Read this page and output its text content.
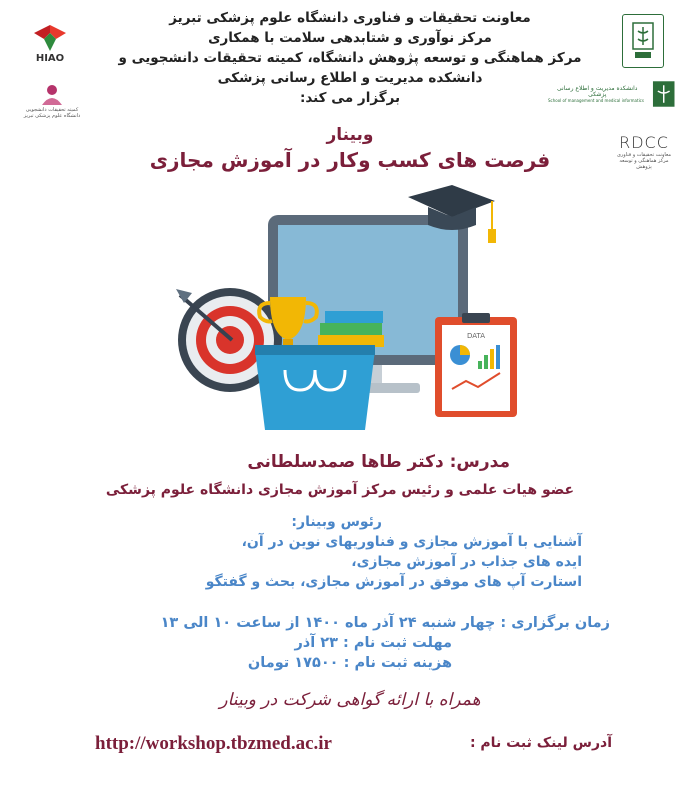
HIAO
کمیته تحقیقات دانشجویی دانشگاه علوم پزشکی تبریز
دانشکده مدیریت و اطلاع رسانی پزشکی
School of management and medical informatics
RDCC
معاونت تحقیقات و فناوری مرکز هماهنگی و توسعه پژوهش
معاونت تحقیقات و فناوری دانشگاه علوم پزشکی تبریز
مرکز نوآوری و شتابدهی سلامت با همکاری
مرکز هماهنگی و توسعه پژوهش دانشگاه، کمیته تحقیقات دانشجویی و
دانشکده مدیریت و اطلاع رسانی پزشکی
برگزار می کند:
وبینار
فرصت های کسب وکار در آموزش مجازی
DATA
مدرس: دکتر طاها صمدسلطانی
عضو هیات علمی و رئیس مرکز آموزش مجازی دانشگاه علوم پزشکی
رئوس وبینار:
آشنایی با آموزش مجازی و فناوریهای نوین در آن،
ایده های جذاب در آموزش مجازی،
استارت آپ های موفق در آموزش مجازی، بحث و گفتگو
زمان برگزاری : چهار شنبه ۲۴ آذر ماه ۱۴۰۰ از ساعت ۱۰ الی ۱۳
مهلت ثبت نام : ۲۳ آذر
هزینه ثبت نام : ۱۷۵۰۰ تومان
همراه با ارائه گواهی شرکت در وبینار
http://workshop.tbzmed.ac.ir	آدرس لینک ثبت نام :
